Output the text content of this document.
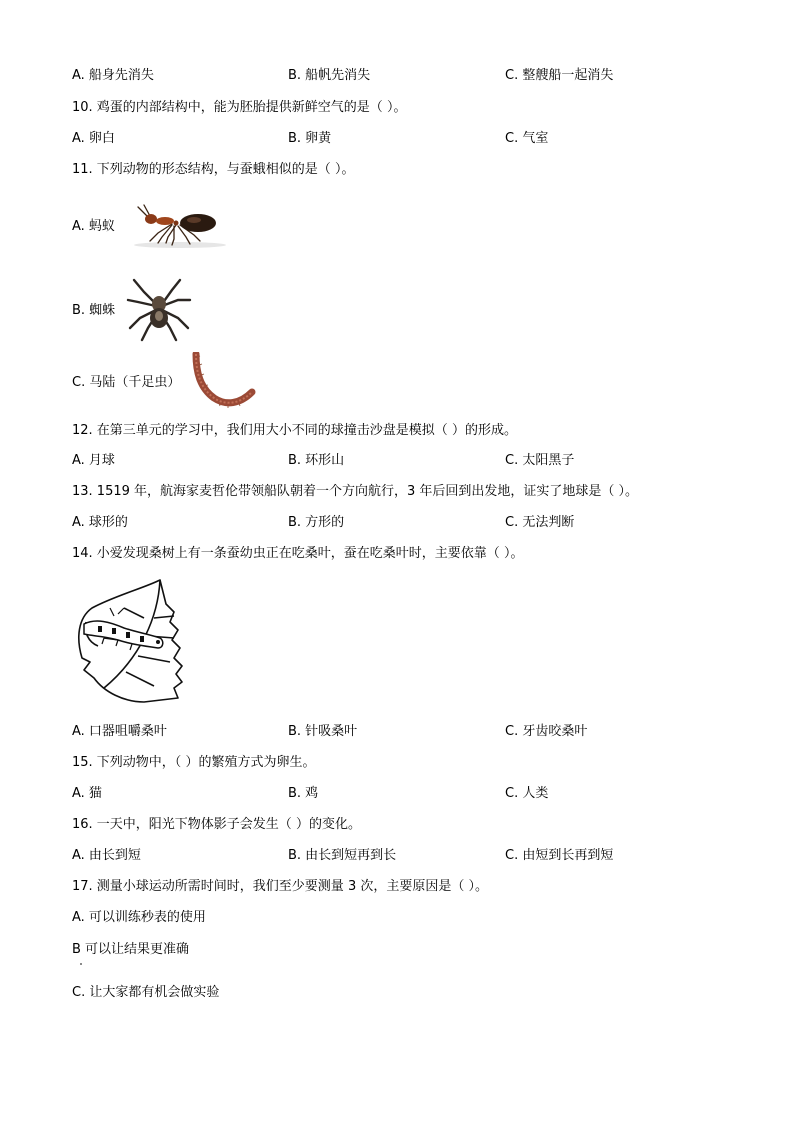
A. 船身先消失	B. 船帆先消失	C. 整艘船一起消失
10. 鸡蛋的内部结构中，能为胚胎提供新鲜空气的是（ ）。
A. 卵白	B. 卵黄	C. 气室
11. 下列动物的形态结构，与蚕蛾相似的是（ ）。
A. 蚂蚁
B. 蜘蛛
C. 马陆（千足虫）
12. 在第三单元的学习中，我们用大小不同的球撞击沙盘是模拟（ ）的形成。
A. 月球	B. 环形山	C. 太阳黑子
13. 1519 年，航海家麦哲伦带领船队朝着一个方向航行，3 年后回到出发地，证实了地球是（ ）。
A. 球形的	B. 方形的	C. 无法判断
14. 小爱发现桑树上有一条蚕幼虫正在吃桑叶，蚕在吃桑叶时，主要依靠（ ）。
A. 口器咀嚼桑叶	B. 针吸桑叶	C. 牙齿咬桑叶
15. 下列动物中，（ ）的繁殖方式为卵生。
A. 猫	B. 鸡	C. 人类
16. 一天中，阳光下物体影子会发生（ ）的变化。
A. 由长到短	B. 由长到短再到长	C. 由短到长再到短
17. 测量小球运动所需时间时，我们至少要测量 3 次，主要原因是（ ）。
A. 可以训练秒表的使用
B 可以让结果更准确
C. 让大家都有机会做实验
